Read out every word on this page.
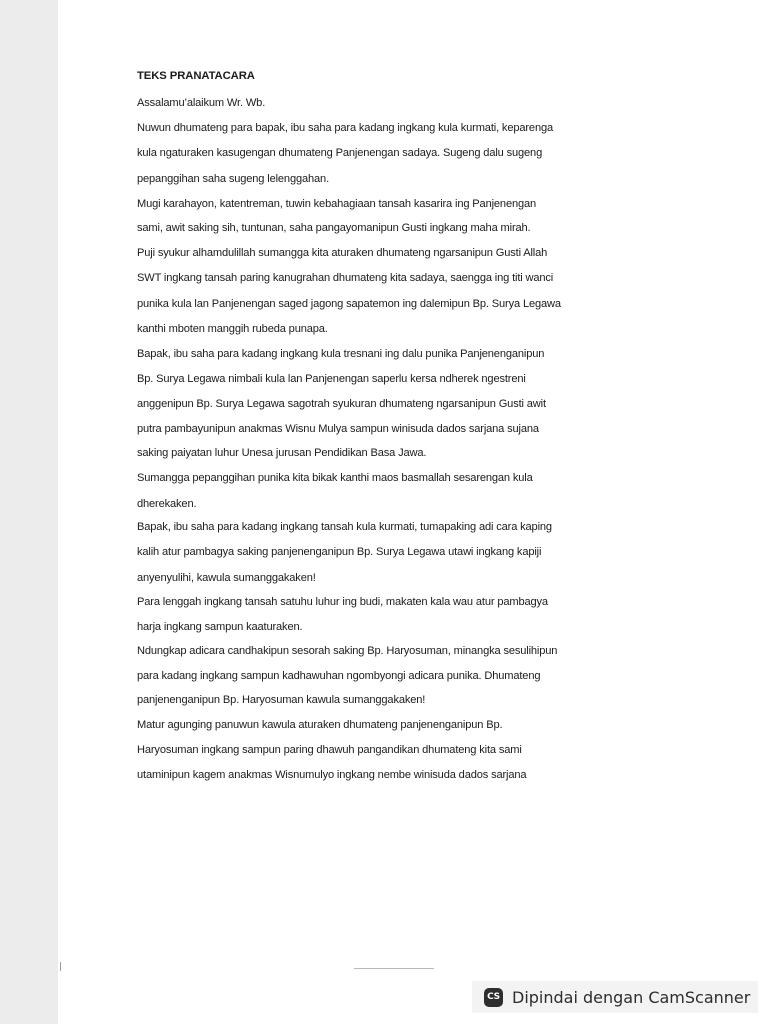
TEKS PRANATACARA
Assalamu’alaikum Wr. Wb.
Nuwun dhumateng para bapak, ibu saha para kadang ingkang kula kurmati, keparenga
kula ngaturaken kasugengan dhumateng Panjenengan sadaya. Sugeng dalu sugeng
pepanggihan saha sugeng lelenggahan.
Mugi karahayon, katentreman, tuwin kebahagiaan tansah kasarira ing Panjenengan
sami, awit saking sih, tuntunan, saha pangayomanipun Gusti ingkang maha mirah.
Puji syukur alhamdulillah sumangga kita aturaken dhumateng ngarsanipun Gusti Allah
SWT ingkang tansah paring kanugrahan dhumateng kita sadaya, saengga ing titi wanci
punika kula lan Panjenengan saged jagong sapatemon ing dalemipun Bp. Surya Legawa
kanthi mboten manggih rubeda punapa.
Bapak, ibu saha para kadang ingkang kula tresnani ing dalu punika Panjenenganipun
Bp. Surya Legawa nimbali kula lan Panjenengan saperlu kersa ndherek ngestreni
anggenipun Bp. Surya Legawa sagotrah syukuran dhumateng ngarsanipun Gusti awit
putra pambayunipun anakmas Wisnu Mulya sampun winisuda dados sarjana sujana
saking paiyatan luhur Unesa jurusan Pendidikan Basa Jawa.
Sumangga pepanggihan punika kita bikak kanthi maos basmallah sesarengan kula
dherekaken.
Bapak, ibu saha para kadang ingkang tansah kula kurmati, tumapaking adi cara kaping
kalih atur pambagya saking panjenenganipun Bp. Surya Legawa utawi ingkang kapiji
anyenyulihi, kawula sumanggakaken!
Para lenggah ingkang tansah satuhu luhur ing budi, makaten kala wau atur pambagya
harja ingkang sampun kaaturaken.
Ndungkap adicara candhakipun sesorah saking Bp. Haryosuman, minangka sesulihipun
para kadang ingkang sampun kadhawuhan ngombyongi adicara punika. Dhumateng
panjenenganipun Bp. Haryosuman kawula sumanggakaken!
Matur agunging panuwun kawula aturaken dhumateng panjenenganipun Bp.
Haryosuman ingkang sampun paring dhawuh pangandikan dhumateng kita sami
utaminipun kagem anakmas Wisnumulyo ingkang nembe winisuda dados sarjana
CS Dipindai dengan CamScanner
